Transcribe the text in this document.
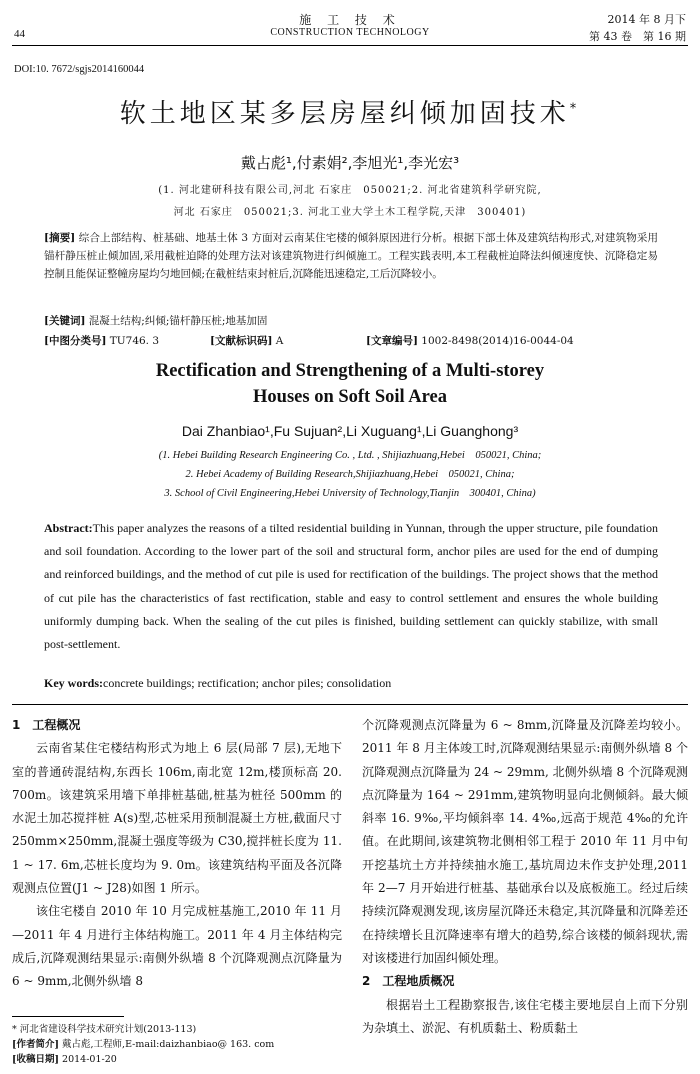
施 工 技 术
CONSTRUCTION TECHNOLOGY
44
2014 年 8 月下
第 43 卷　第 16 期
DOI:10. 7672/sgjs2014160044
软土地区某多层房屋纠倾加固技术*
戴占彪¹,付素娟²,李旭光¹,李光宏³
(1. 河北建研科技有限公司,河北 石家庄　050021;2. 河北省建筑科学研究院,
河北 石家庄　050021;3. 河北工业大学土木工程学院,天津　300401)
[摘要] 综合上部结构、桩基础、地基土体 3 方面对云南某住宅楼的倾斜原因进行分析。根据下部土体及建筑结构形式,对建筑物采用锚杆静压桩止倾加固,采用截桩迫降的处理方法对该建筑物进行纠倾施工。工程实践表明,本工程截桩迫降法纠倾速度快、沉降稳定易控制且能保证整幢房屋均匀地回倾;在截桩结束封桩后,沉降能迅速稳定,工后沉降较小。
[关键词] 混凝土结构;纠倾;锚杆静压桩;地基加固
[中图分类号] TU746. 3	[文献标识码] A	[文章编号] 1002-8498(2014)16-0044-04
Rectification and Strengthening of a Multi-storey
Houses on Soft Soil Area
Dai Zhanbiao¹,Fu Sujuan²,Li Xuguang¹,Li Guanghong³
(1. Hebei Building Research Engineering Co. , Ltd. , Shijiazhuang,Hebei　050021, China;
2. Hebei Academy of Building Research,Shijiazhuang,Hebei　050021, China;
3. School of Civil Engineering,Hebei University of Technology,Tianjin　300401, China)
Abstract:This paper analyzes the reasons of a tilted residential building in Yunnan, through the upper structure, pile foundation and soil foundation. According to the lower part of the soil and structural form, anchor piles are used for the end of dumping and reinforced buildings, and the method of cut pile is used for rectification of the buildings. The project shows that the method of cut pile has the characteristics of fast rectification, stable and easy to control settlement and ensures the whole building uniformly dumping back. When the sealing of the cut piles is finished, building settlement can quickly stabilize, with small post-settlement.
Key words:concrete buildings; rectification; anchor piles; consolidation
1　工程概况

云南省某住宅楼结构形式为地上 6 层(局部 7 层),无地下室的普通砖混结构,东西长 106m,南北宽 12m,楼顶标高 20. 700m。该建筑采用墙下单排桩基础,桩基为桩径 500mm 的水泥土加芯搅拌桩 A(s)型,芯桩采用预制混凝土方桩,截面尺寸 250mm×250mm,混凝土强度等级为 C30,搅拌桩长度为 11. 1 ~ 17. 6m,芯桩长度均为 9. 0m。该建筑结构平面及各沉降观测点位置(J1 ~ J28)如图 1 所示。

该住宅楼自 2010 年 10 月完成桩基施工,2010 年 11 月—2011 年 4 月进行主体结构施工。2011 年 4 月主体结构完成后,沉降观测结果显示:南侧外纵墙 8 个沉降观测点沉降量为 6 ~ 9mm,北侧外纵墙 8

个沉降观测点沉降量为 6 ~ 8mm,沉降量及沉降差均较小。2011 年 8 月主体竣工时,沉降观测结果显示:南侧外纵墙 8 个沉降观测点沉降量为 24 ~ 29mm, 北侧外纵墙 8 个沉降观测点沉降量为 164 ~ 291mm,建筑物明显向北侧倾斜。最大倾斜率 16. 9‰,平均倾斜率 14. 4‰,远高于规范 4‰的允许值。在此期间,该建筑物北侧相邻工程于 2010 年 11 月中旬开挖基坑土方并持续抽水施工,基坑周边未作支护处理,2011 年 2—7 月开始进行桩基、基础承台以及底板施工。经过后续持续沉降观测发现,该房屋沉降还未稳定,其沉降量和沉降差还在持续增长且沉降速率有增大的趋势,综合该楼的倾斜现状,需对该楼进行加固纠倾处理。

2　工程地质概况

根据岩土工程勘察报告,该住宅楼主要地层自上而下分别为杂填土、淤泥、有机质黏土、粉质黏土

* 河北省建设科学技术研究计划(2013-113)
[作者简介] 戴占彪,工程师,E-mail:daizhanbiao@ 163. com
[收稿日期] 2014-01-20
